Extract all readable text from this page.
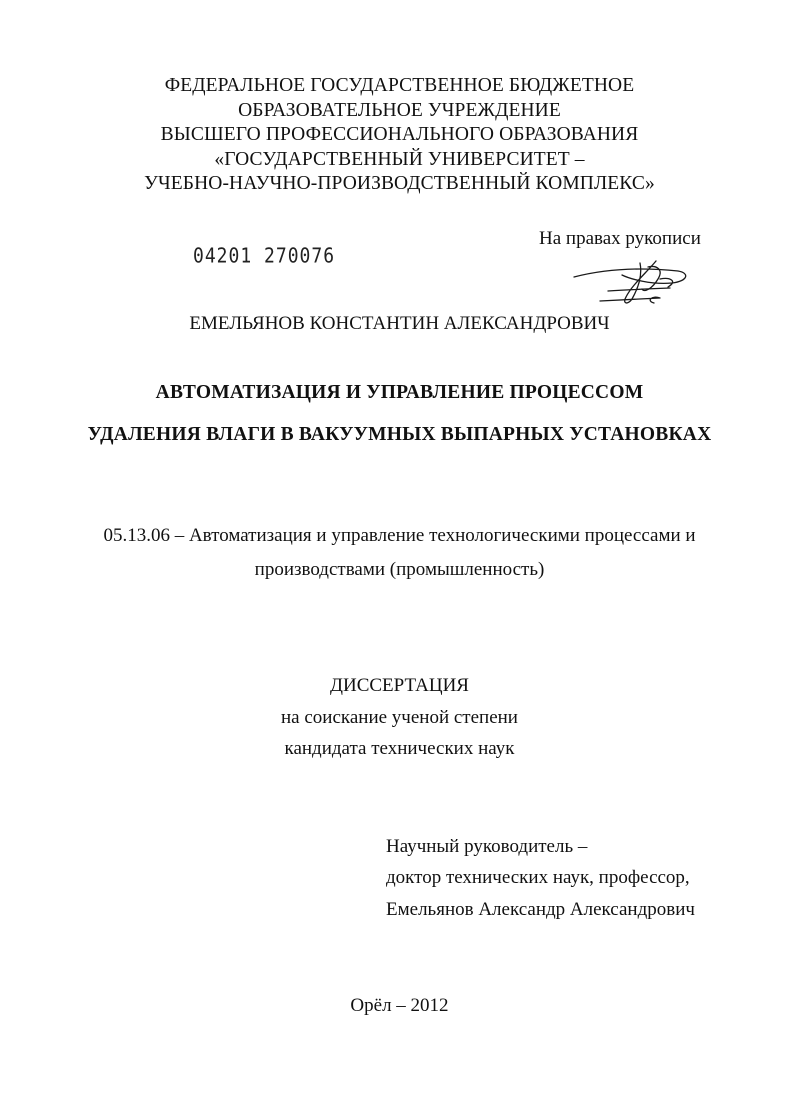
ФЕДЕРАЛЬНОЕ ГОСУДАРСТВЕННОЕ БЮДЖЕТНОЕ
ОБРАЗОВАТЕЛЬНОЕ УЧРЕЖДЕНИЕ
ВЫСШЕГО ПРОФЕССИОНАЛЬНОГО ОБРАЗОВАНИЯ
«ГОСУДАРСТВЕННЫЙ УНИВЕРСИТЕТ –
УЧЕБНО-НАУЧНО-ПРОИЗВОДСТВЕННЫЙ КОМПЛЕКС»
04201 270076
На правах рукописи
ЕМЕЛЬЯНОВ КОНСТАНТИН АЛЕКСАНДРОВИЧ
АВТОМАТИЗАЦИЯ И УПРАВЛЕНИЕ ПРОЦЕССОМ
УДАЛЕНИЯ ВЛАГИ В ВАКУУМНЫХ ВЫПАРНЫХ УСТАНОВКАХ
05.13.06 – Автоматизация и управление технологическими процессами и
производствами (промышленность)
ДИССЕРТАЦИЯ
на соискание ученой степени
кандидата технических наук
Научный руководитель –
доктор технических наук, профессор,
Емельянов Александр Александрович
Орёл – 2012
